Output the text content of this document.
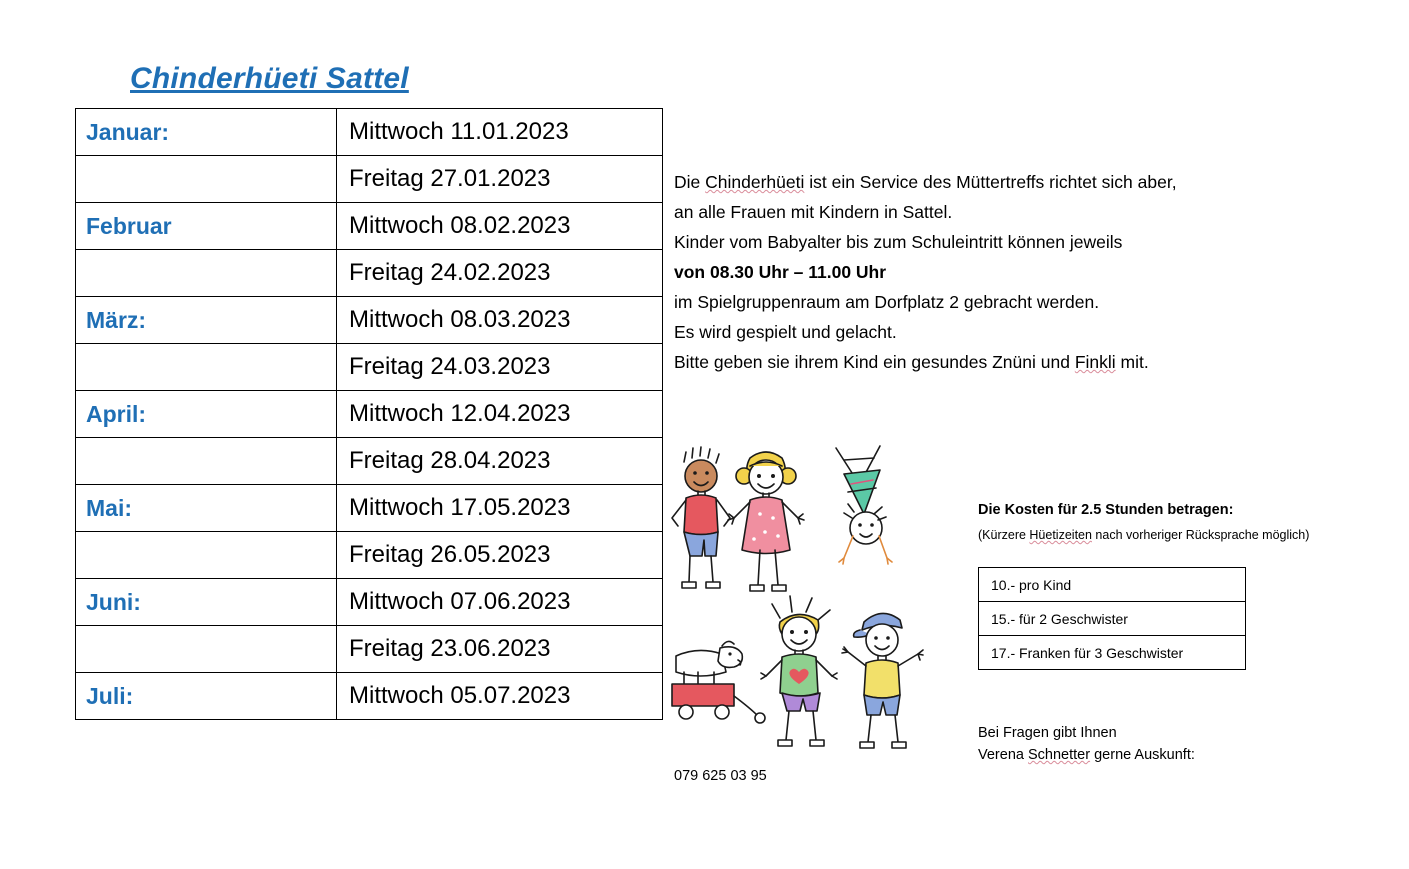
Chinderhüeti Sattel
Januar:	Mittwoch 11.01.2023
	Freitag 27.01.2023
Februar	Mittwoch 08.02.2023
	Freitag 24.02.2023
März:	Mittwoch 08.03.2023
	Freitag 24.03.2023
April:	Mittwoch 12.04.2023
	Freitag 28.04.2023
Mai:	Mittwoch 17.05.2023
	Freitag 26.05.2023
Juni:	Mittwoch 07.06.2023
	Freitag 23.06.2023
Juli:	Mittwoch 05.07.2023
Die Chinderhüeti ist ein Service des Müttertreffs richtet sich aber,
an alle Frauen mit Kindern in Sattel.
Kinder vom Babyalter bis zum Schuleintritt können jeweils
von 08.30 Uhr – 11.00 Uhr
im Spielgruppenraum am Dorfplatz 2 gebracht werden.
Es wird gespielt und gelacht.
Bitte geben sie ihrem Kind ein gesundes Znüni und Finkli mit.
079 625 03 95
Die Kosten für 2.5 Stunden betragen:
(Kürzere Hüetizeiten nach vorheriger Rücksprache möglich)
10.- pro Kind
15.- für 2 Geschwister
17.- Franken für 3 Geschwister
Bei Fragen gibt Ihnen
Verena Schnetter gerne Auskunft:
